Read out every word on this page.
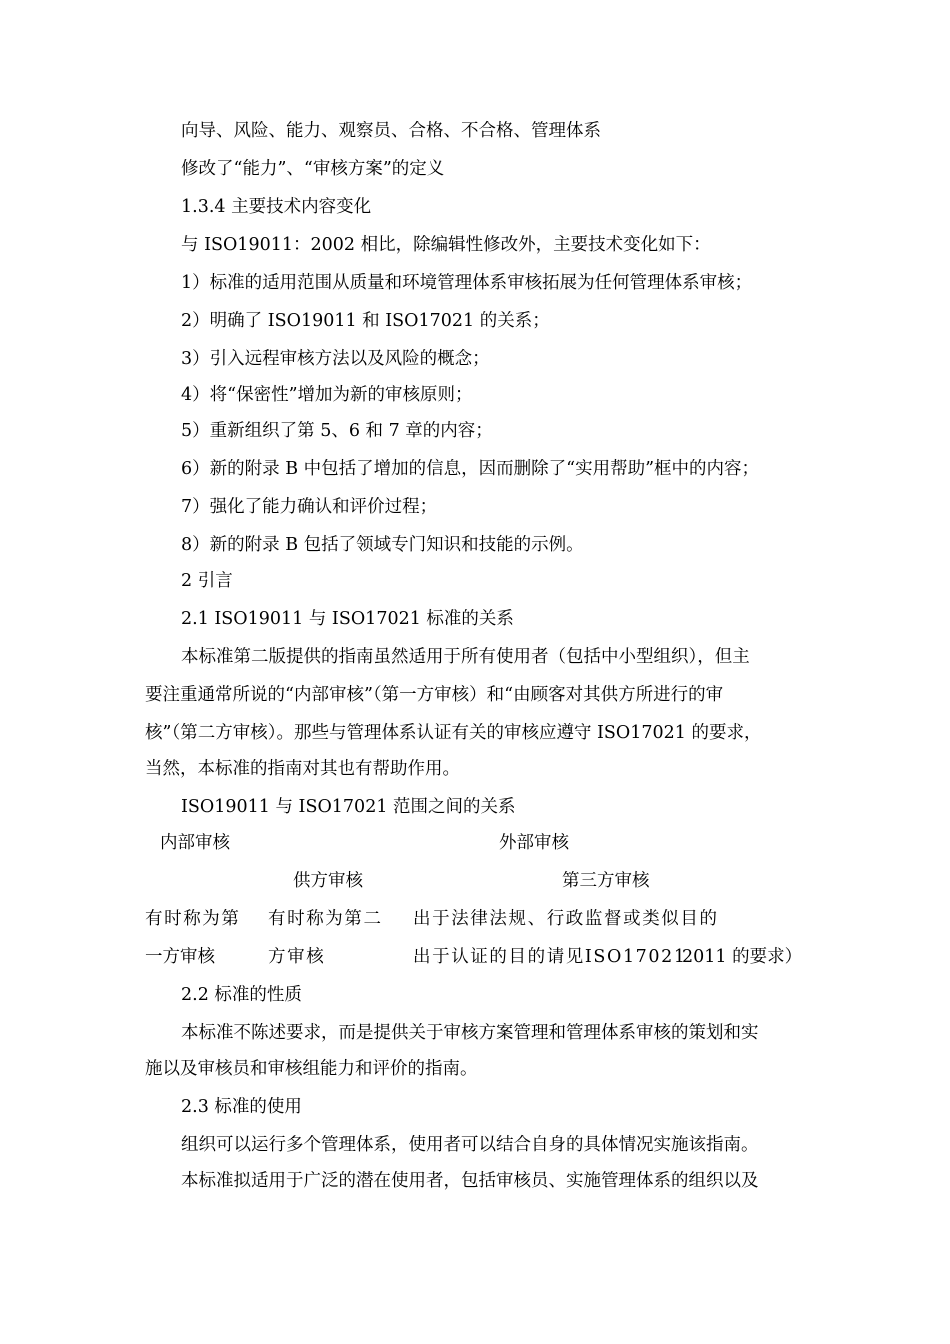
向导、风险、能力、观察员、合格、不合格、管理体系
修改了“能力”、“审核方案”的定义
1.3.4 主要技术内容变化
与 ISO19011：2002 相比，除编辑性修改外，主要技术变化如下：
1）标准的适用范围从质量和环境管理体系审核拓展为任何管理体系审核；
2）明确了 ISO19011 和 ISO17021 的关系；
3）引入远程审核方法以及风险的概念；
4）将“保密性”增加为新的审核原则；
5）重新组织了第 5、6 和 7 章的内容；
6）新的附录 B 中包括了增加的信息，因而删除了“实用帮助”框中的内容；
7）强化了能力确认和评价过程；
8）新的附录 B 包括了领域专门知识和技能的示例。
2 引言
2.1 ISO19011 与 ISO17021 标准的关系
本标准第二版提供的指南虽然适用于所有使用者（包括中小型组织），但主
要注重通常所说的“内部审核”（第一方审核）和“由顾客对其供方所进行的审
核”（第二方审核）。那些与管理体系认证有关的审核应遵守 ISO17021 的要求，
当然，本标准的指南对其也有帮助作用。
ISO19011 与 ISO17021 范围之间的关系
内部审核	外部审核
供方审核	第三方审核
有时称为第
一方审核
有时称为第二
方审核
出于法律法规、行政监督或类似目的
出于认证的目的请见ISO17021
2011 的要求）
2.2 标准的性质
本标准不陈述要求，而是提供关于审核方案管理和管理体系审核的策划和实
施以及审核员和审核组能力和评价的指南。
2.3 标准的使用
组织可以运行多个管理体系，使用者可以结合自身的具体情况实施该指南。
本标准拟适用于广泛的潜在使用者，包括审核员、实施管理体系的组织以及
